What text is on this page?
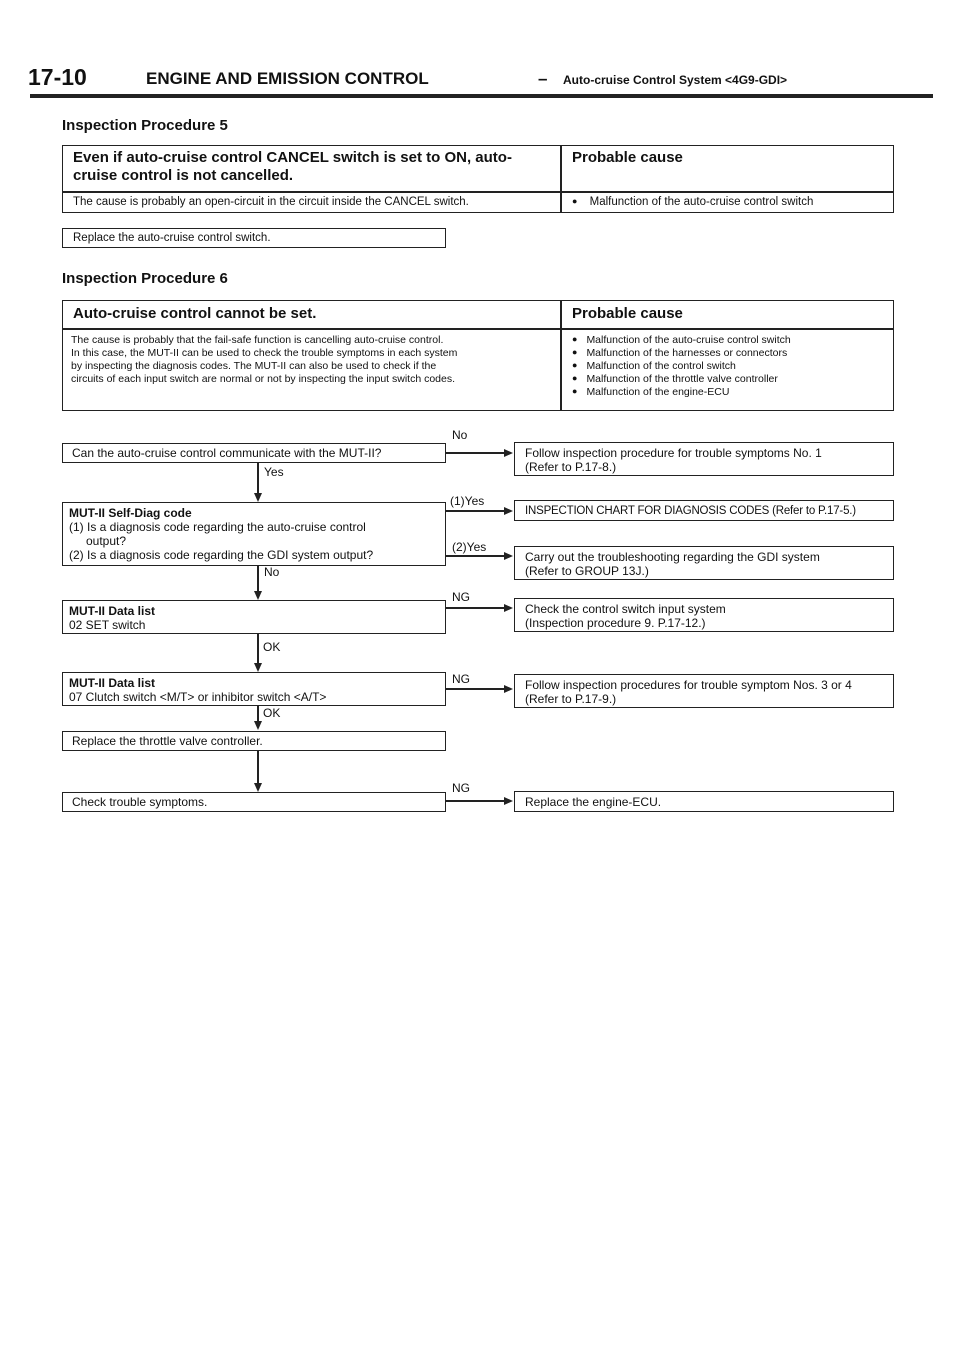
17-10	ENGINE AND EMISSION CONTROL	– Auto-cruise Control System <4G9-GDI>
Inspection Procedure 5
Even if auto-cruise control CANCEL switch is set to ON, auto-cruise control is not cancelled.
Probable cause
The cause is probably an open-circuit in the circuit inside the CANCEL switch.
●	Malfunction of the auto-cruise control switch
Replace the auto-cruise control switch.
Inspection Procedure 6
Auto-cruise control cannot be set.	Probable cause
The cause is probably that the fail-safe function is cancelling auto-cruise control.
In this case, the MUT-II can be used to check the trouble symptoms in each system
by inspecting the diagnosis codes. The MUT-II can also be used to check if the
circuits of each input switch are normal or not by inspecting the input switch codes.
● Malfunction of the auto-cruise control switch
● Malfunction of the harnesses or connectors
● Malfunction of the control switch
● Malfunction of the throttle valve controller
● Malfunction of the engine-ECU
Can the auto-cruise control communicate with the MUT-II?
No
Follow inspection procedure for trouble symptoms No. 1
(Refer to P.17-8.)
Yes
MUT-II Self-Diag code
(1) Is a diagnosis code regarding the auto-cruise control
output?
(2) Is a diagnosis code regarding the GDI system output?
(1)Yes
INSPECTION CHART FOR DIAGNOSIS CODES (Refer to P.17-5.)
(2)Yes
Carry out the troubleshooting regarding the GDI system
(Refer to GROUP 13J.)
No
MUT-II Data list
02 SET switch
NG
Check the control switch input system
(Inspection procedure 9. P.17-12.)
OK
MUT-II Data list
07 Clutch switch <M/T> or inhibitor switch <A/T>
NG	Follow inspection procedures for trouble symptom Nos. 3 or 4
(Refer to P.17-9.)
OK
Replace the throttle valve controller.
Check trouble symptoms.
NG
Replace the engine-ECU.
